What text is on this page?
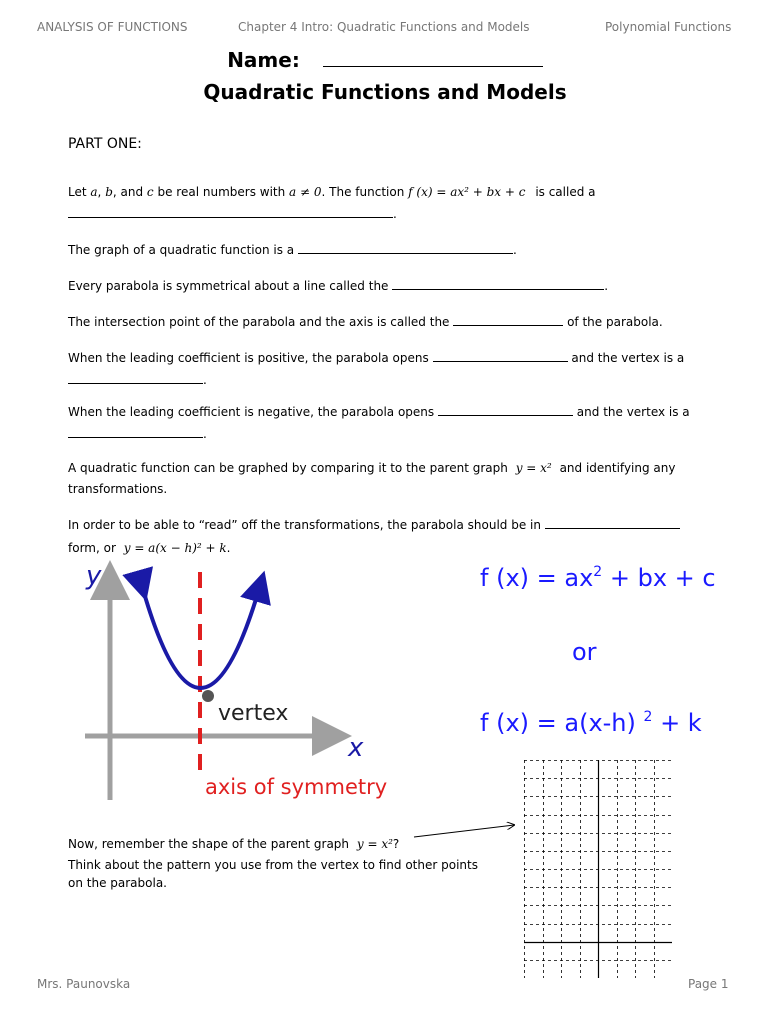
ANALYSIS OF FUNCTIONS	Chapter 4 Intro: Quadratic Functions and Models	Polynomial Functions
Name:
Quadratic Functions and Models
PART ONE:
Let a, b, and c be real numbers with a ≠ 0. The function f (x) = ax² + bx + c is called a
.
The graph of a quadratic function is a	.
Every parabola is symmetrical about a line called the	.
The intersection point of the parabola and the axis is called the	of the parabola.
When the leading coefficient is positive, the parabola opens	and the vertex is a
.
When the leading coefficient is negative, the parabola opens	and the vertex is a
.
A quadratic function can be graphed by comparing it to the parent graph y = x² and identifying any
transformations.
In order to be able to “read” off the transformations, the parabola should be in
form, or y = a(x − h)² + k.
vertex
y
x
axis of symmetry
f $(x) = ax^2$ + bx + c
or
f (x) = a(x-h) $^2$ + k
Now, remember the shape of the parent graph y = x²?
Think about the pattern you use from the vertex to find other points
on the parabola.
Mrs. Paunovska	Page 1
